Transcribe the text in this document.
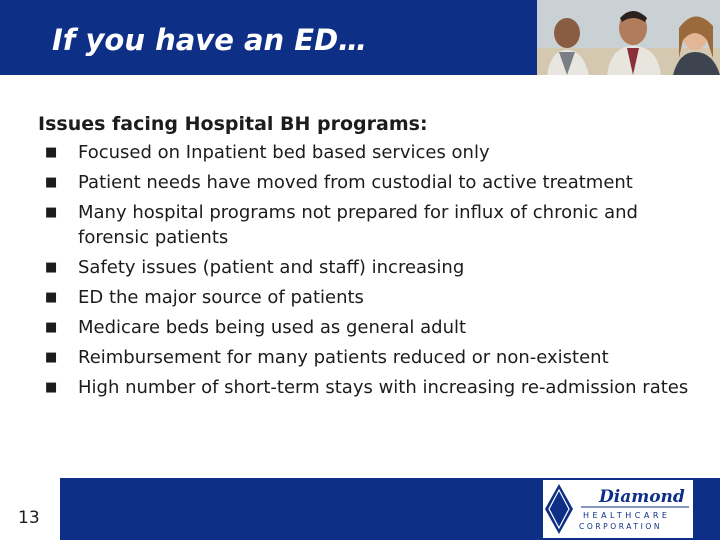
If you have an ED…

Issues facing Hospital BH programs:

■ Focused on Inpatient bed based services only
■ Patient needs have moved from custodial to active treatment
■ Many hospital programs not prepared for influx of chronic and forensic patients
■ Safety issues (patient and staff) increasing
■ ED the major source of patients
■ Medicare beds being used as general adult
■ Reimbursement for many patients reduced or non-existent
■ High number of short-term stays with increasing re-admission rates
13
Diamond
HEALTHCARE
CORPORATION
